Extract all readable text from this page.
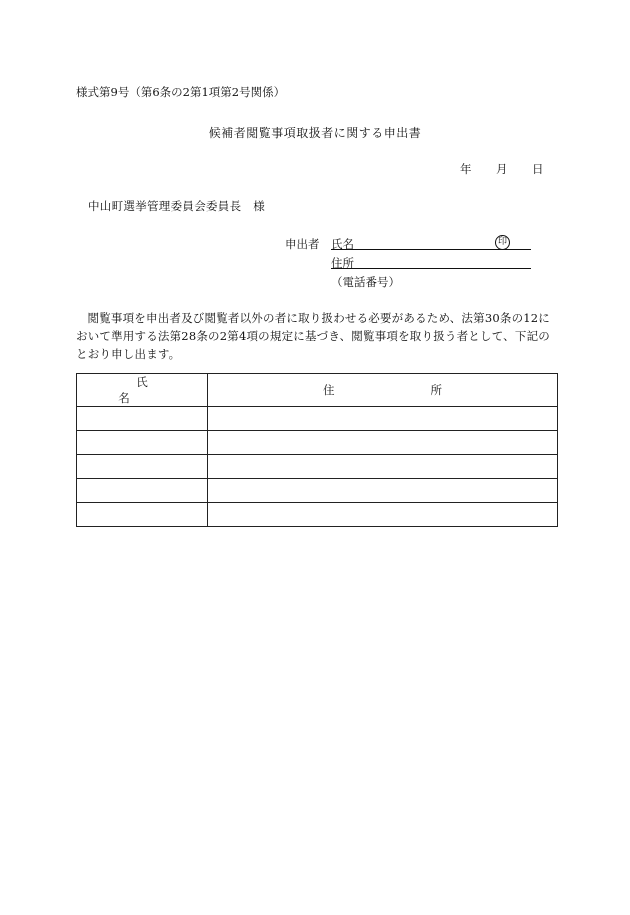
様式第9号（第6条の2第1項第2号関係）
候補者閲覧事項取扱者に関する申出書
年 月 日
中山町選挙管理委員会委員長　様
申出者 氏名	印
住所
（電話番号）
閲覧事項を申出者及び閲覧者以外の者に取り扱わせる必要があるため、法第30条の12において準用する法第28条の2第4項の規定に基づき、閲覧事項を取り扱う者として、下記のとおり申し出ます。
氏名	住所
